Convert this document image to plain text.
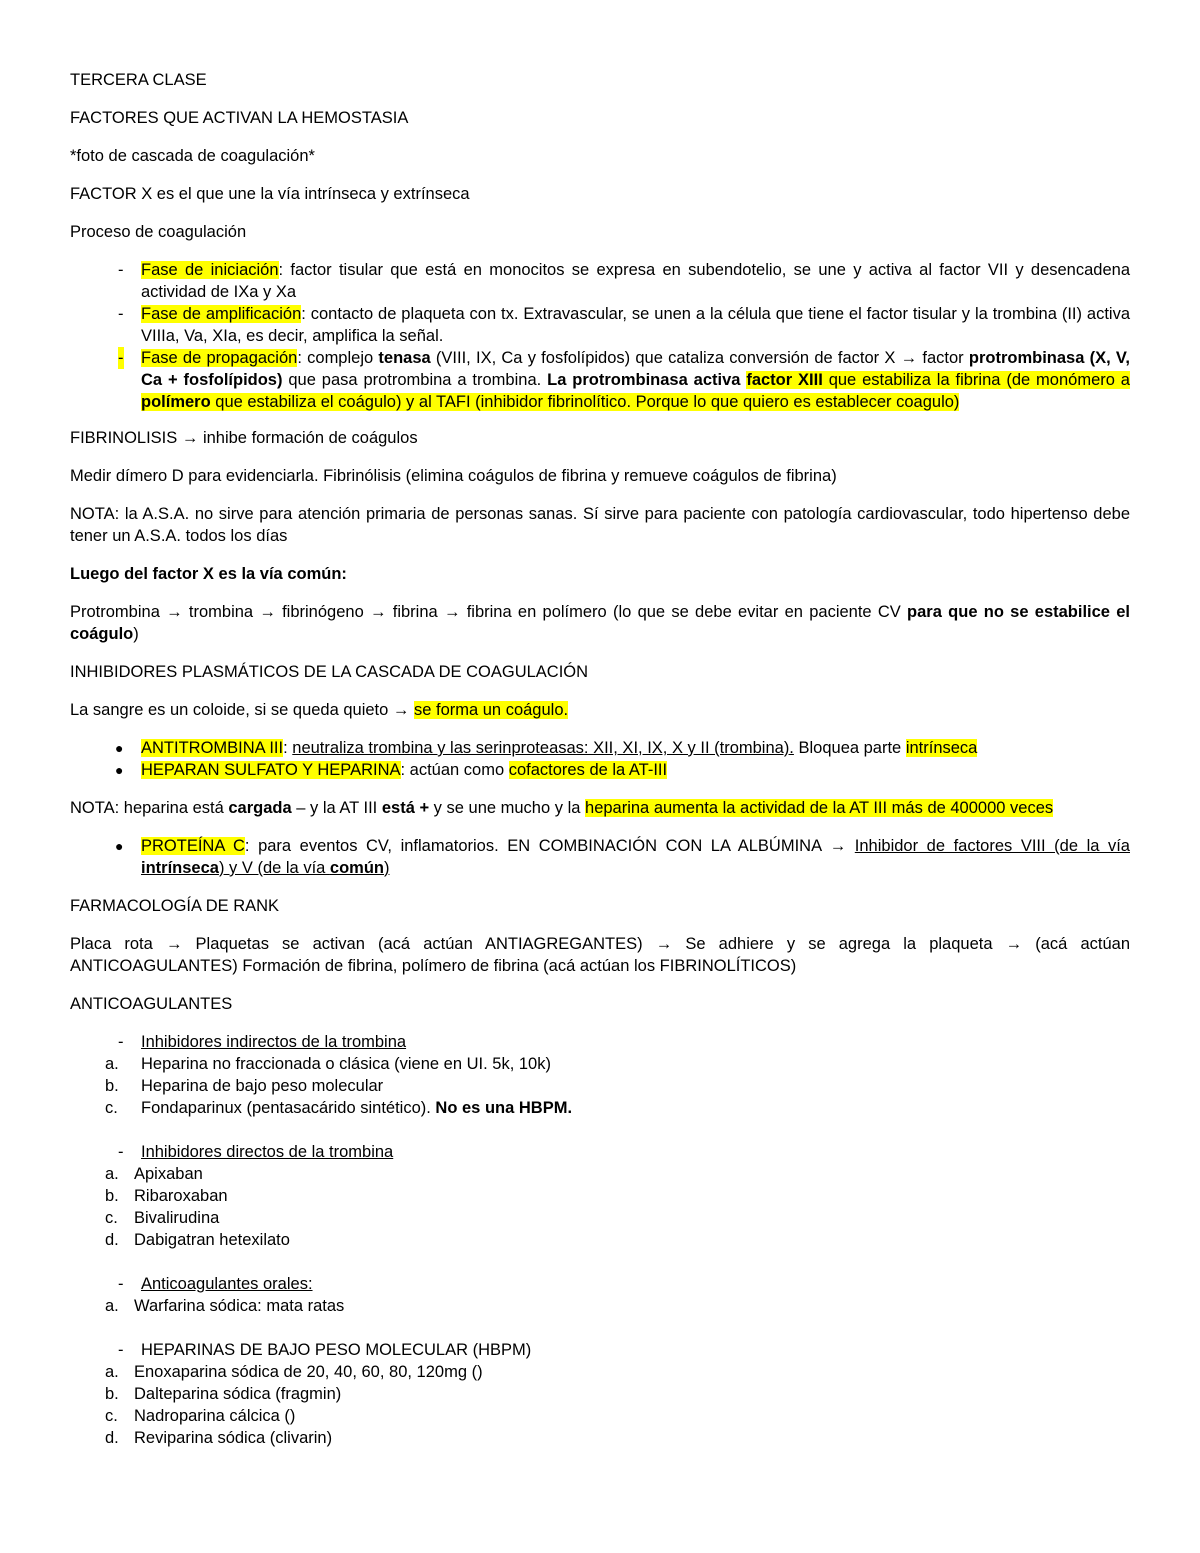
TERCERA CLASE

FACTORES QUE ACTIVAN LA HEMOSTASIA

*foto de cascada de coagulación*

FACTOR X es el que une la vía intrínseca y extrínseca

Proceso de coagulación

- Fase de iniciación: factor tisular que está en monocitos se expresa en subendotelio, se une y activa al factor VII y desencadena actividad de IXa y Xa
- Fase de amplificación: contacto de plaqueta con tx. Extravascular, se unen a la célula que tiene el factor tisular y la trombina (II) activa VIIIa, Va, XIa, es decir, amplifica la señal.
- Fase de propagación: complejo tenasa (VIII, IX, Ca y fosfolípidos) que cataliza conversión de factor X → factor protrombinasa (X, V, Ca + fosfolípidos) que pasa protrombina a trombina. La protrombinasa activa factor XIII que estabiliza la fibrina (de monómero a polímero que estabiliza el coágulo) y al TAFI (inhibidor fibrinolítico. Porque lo que quiero es establecer coagulo)

FIBRINOLISIS → inhibe formación de coágulos

Medir dímero D para evidenciarla. Fibrinólisis (elimina coágulos de fibrina y remueve coágulos de fibrina)

NOTA: la A.S.A. no sirve para atención primaria de personas sanas. Sí sirve para paciente con patología cardiovascular, todo hipertenso debe tener un A.S.A. todos los días

Luego del factor X es la vía común:

Protrombina → trombina → fibrinógeno → fibrina → fibrina en polímero (lo que se debe evitar en paciente CV para que no se estabilice el coágulo)

INHIBIDORES PLASMÁTICOS DE LA CASCADA DE COAGULACIÓN

La sangre es un coloide, si se queda quieto → se forma un coágulo.

● ANTITROMBINA III: neutraliza trombina y las serinproteasas: XII, XI, IX, X y II (trombina). Bloquea parte intrínseca
● HEPARAN SULFATO Y HEPARINA: actúan como cofactores de la AT-III

NOTA: heparina está cargada – y la AT III está + y se une mucho y la heparina aumenta la actividad de la AT III más de 400000 veces

● PROTEÍNA C: para eventos CV, inflamatorios. EN COMBINACIÓN CON LA ALBÚMINA → Inhibidor de factores VIII (de la vía intrínseca) y V (de la vía común)

FARMACOLOGÍA DE RANK

Placa rota → Plaquetas se activan (acá actúan ANTIAGREGANTES) → Se adhiere y se agrega la plaqueta → (acá actúan ANTICOAGULANTES) Formación de fibrina, polímero de fibrina (acá actúan los FIBRINOLÍTICOS)

ANTICOAGULANTES

- Inhibidores indirectos de la trombina
a. Heparina no fraccionada o clásica (viene en UI. 5k, 10k)
b. Heparina de bajo peso molecular
c. Fondaparinux (pentasacárido sintético). No es una HBPM.
- Inhibidores directos de la trombina
a. Apixaban
b. Ribaroxaban
c. Bivalirudina
d. Dabigatran hetexilato
- Anticoagulantes orales:
a. Warfarina sódica: mata ratas
- HEPARINAS DE BAJO PESO MOLECULAR (HBPM)
a. Enoxaparina sódica de 20, 40, 60, 80, 120mg ()
b. Dalteparina sódica (fragmin)
c. Nadroparina cálcica ()
d. Reviparina sódica (clivarin)
